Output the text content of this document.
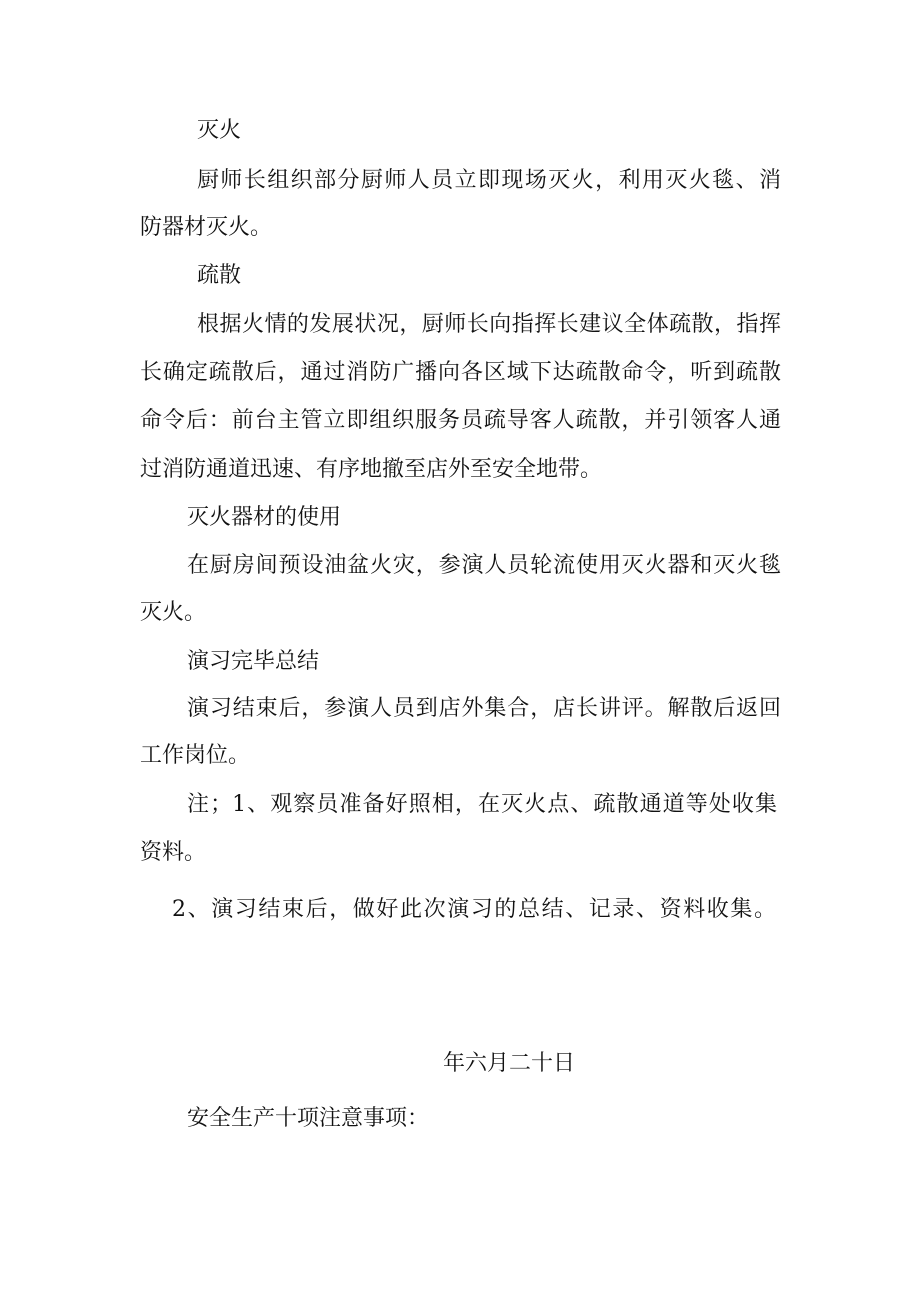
灭火
厨师长组织部分厨师人员立即现场灭火，利用灭火毯、消
防器材灭火。
疏散
根据火情的发展状况，厨师长向指挥长建议全体疏散，指挥
长确定疏散后，通过消防广播向各区域下达疏散命令，听到疏散
命令后：前台主管立即组织服务员疏导客人疏散，并引领客人通
过消防通道迅速、有序地撤至店外至安全地带。
灭火器材的使用
在厨房间预设油盆火灾，参演人员轮流使用灭火器和灭火毯
灭火。
演习完毕总结
演习结束后，参演人员到店外集合，店长讲评。解散后返回
工作岗位。
注；1、观察员准备好照相，在灭火点、疏散通道等处收集
资料。
2、演习结束后，做好此次演习的总结、记录、资料收集。
年六月二十日
安全生产十项注意事项：
